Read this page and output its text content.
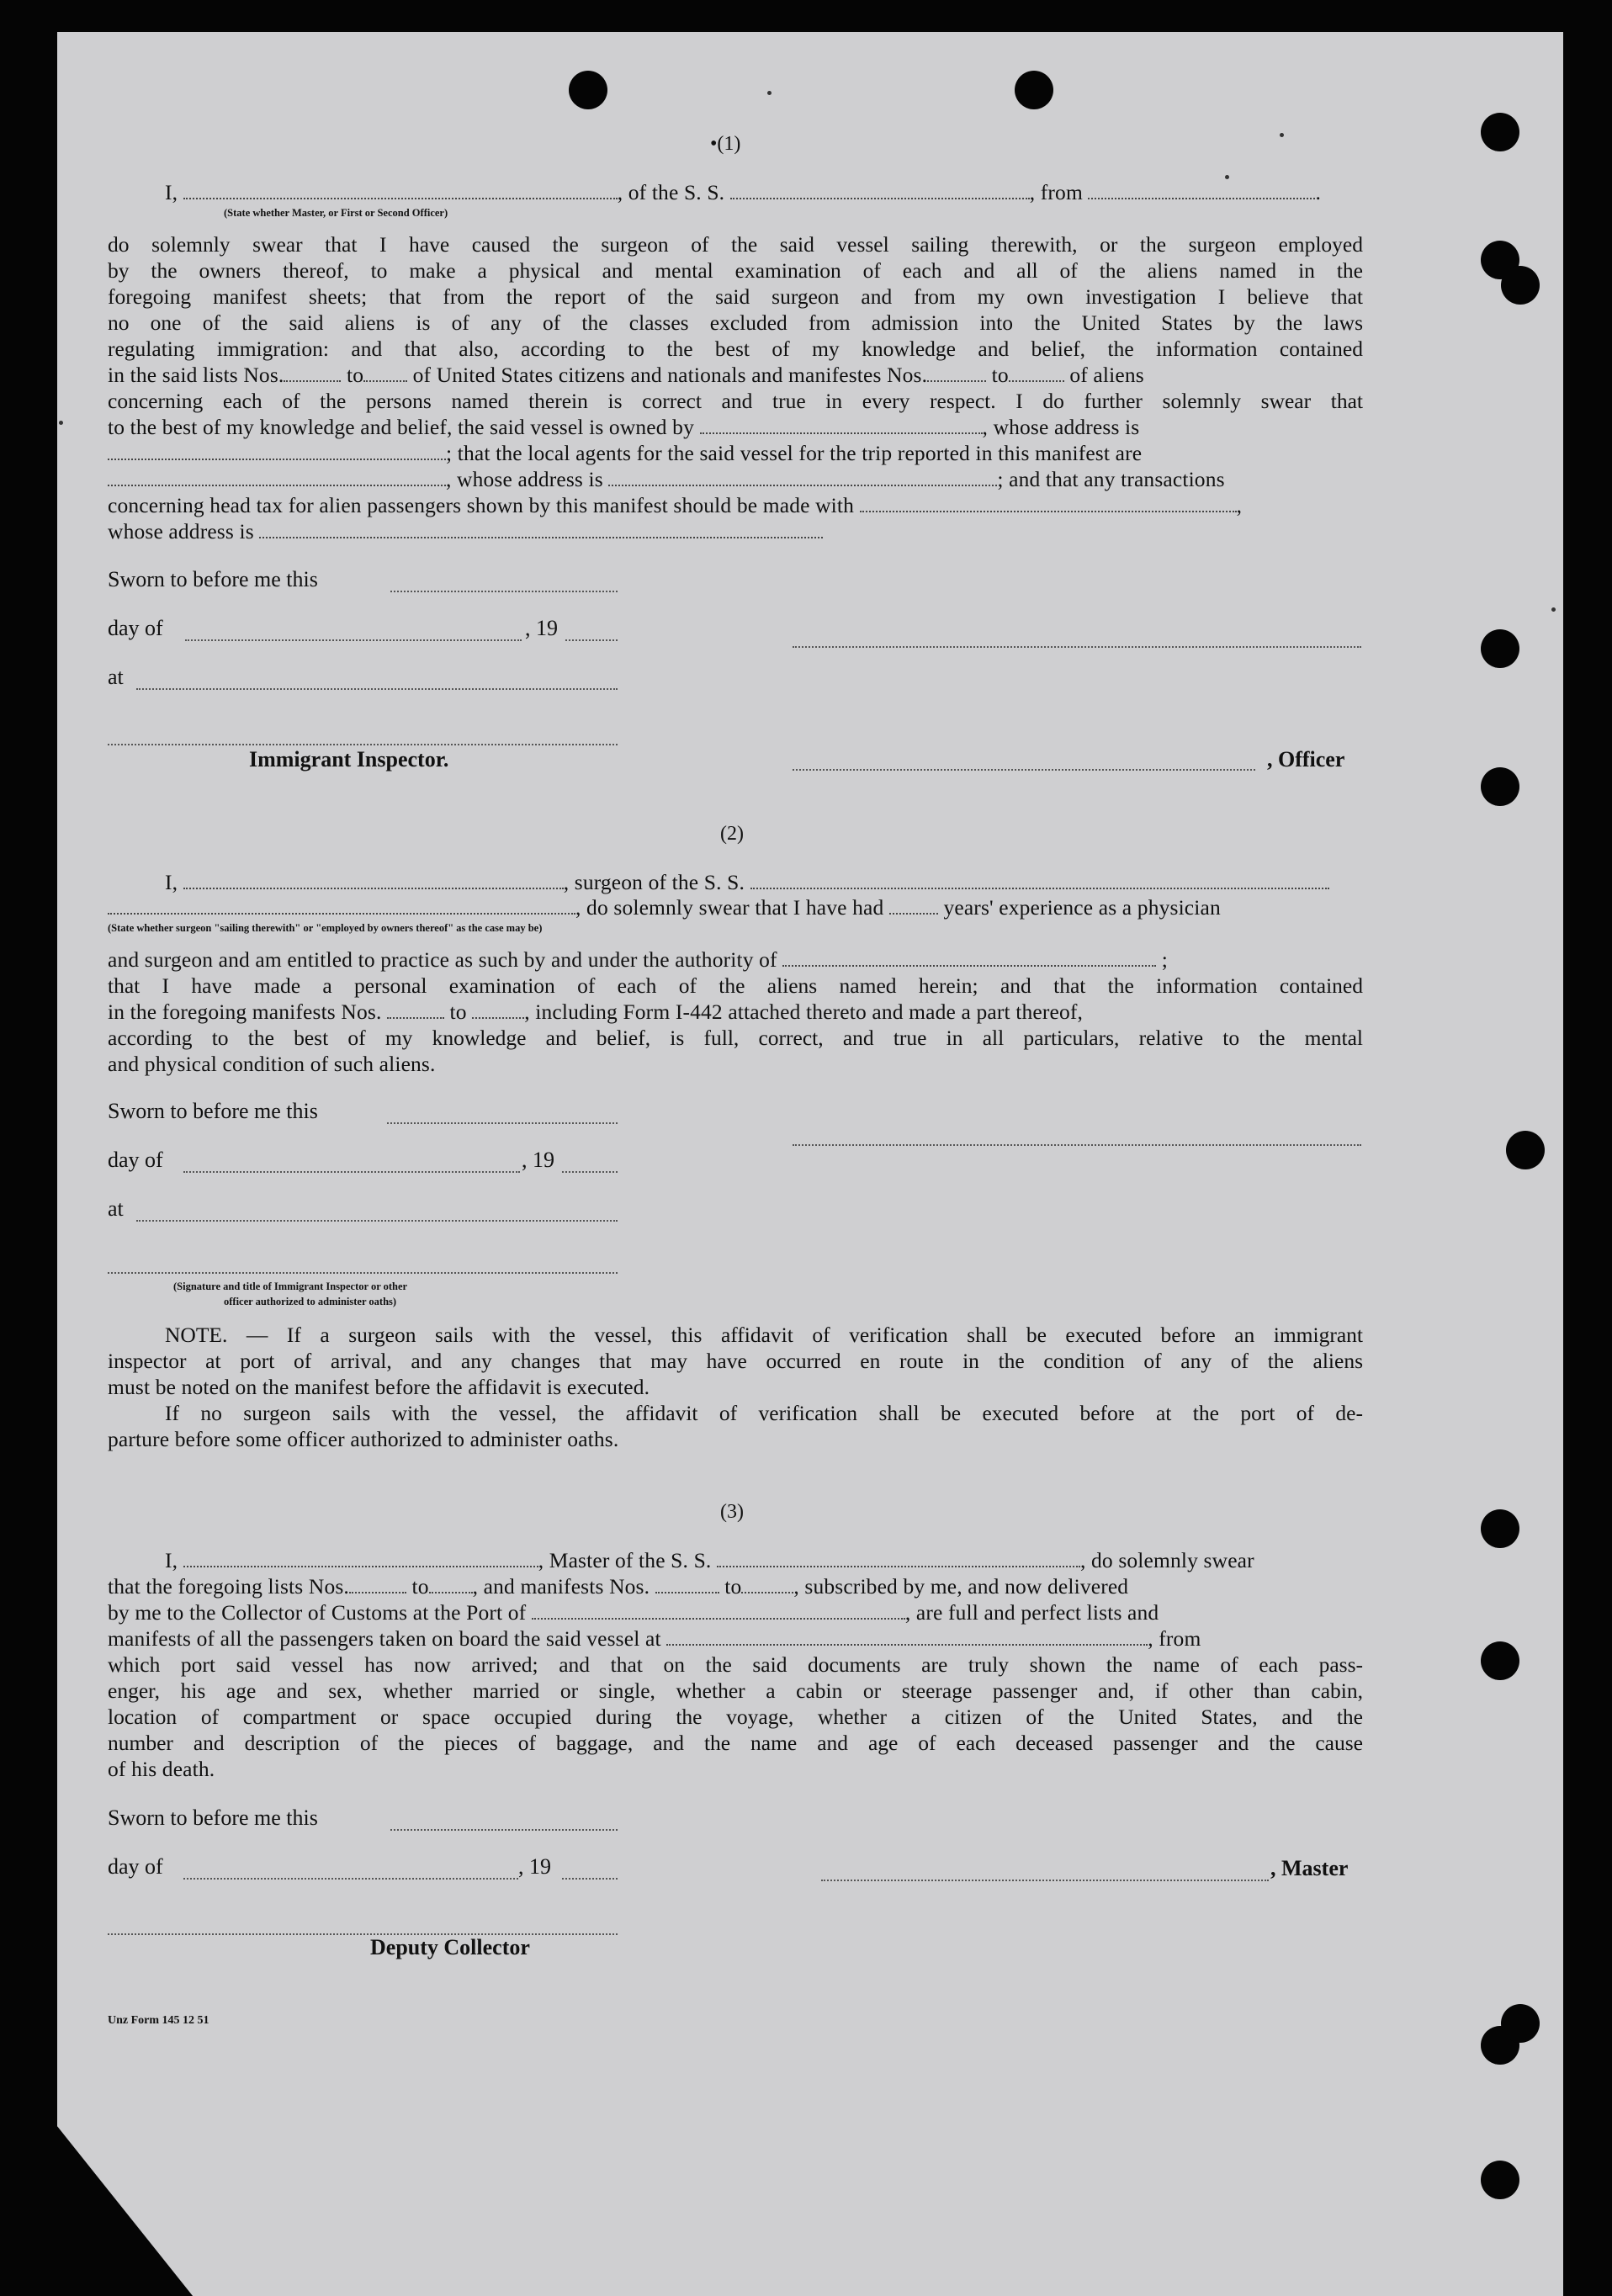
•(1)
I,	, of the S. S.	, from	.
(State whether Master, or First or Second Officer)
do solemnly swear that I have caused the surgeon of the said vessel sailing therewith, or the surgeon employed
by the owners thereof, to make a physical and mental examination of each and all of the aliens named in the
foregoing manifest sheets; that from the report of the said surgeon and from my own investigation I believe that
no one of the said aliens is of any of the classes excluded from admission into the United States by the laws
regulating immigration: and that also, according to the best of my knowledge and belief, the information contained
in the said lists Nos.	to of United States citizens and nationals and manifestes Nos.	to	of aliens
concerning each of the persons named therein is correct and true in every respect. I do further solemnly swear that
to the best of my knowledge and belief, the said vessel is owned by	, whose address is
; that the local agents for the said vessel for the trip reported in this manifest are
, whose address is	; and that any transactions
concerning head tax for alien passengers shown by this manifest should be made with	,
whose address is
Sworn to before me this
day of	, 19
at
Immigrant Inspector.	, Officer
(2)
I,	, surgeon of the S. S.
, do solemnly swear that I have had	years' experience as a physician
(State whether surgeon "sailing therewith" or "employed by owners thereof" as the case may be)
and surgeon and am entitled to practice as such by and under the authority of	;
that I have made a personal examination of each of the aliens named herein; and that the information contained
in the foregoing manifests Nos.	to	, including Form I-442 attached thereto and made a part thereof,
according to the best of my knowledge and belief, is full, correct, and true in all particulars, relative to the mental
and physical condition of such aliens.
Sworn to before me this
day of	, 19
at
(Signature and title of Immigrant Inspector or other
officer authorized to administer oaths)
NOTE. — If a surgeon sails with the vessel, this affidavit of verification shall be executed before an immigrant
inspector at port of arrival, and any changes that may have occurred en route in the condition of any of the aliens
must be noted on the manifest before the affidavit is executed.
If no surgeon sails with the vessel, the affidavit of verification shall be executed before at the port of de-
parture before some officer authorized to administer oaths.
(3)
I,	, Master of the S. S.	, do solemnly swear
that the foregoing lists Nos.	to , and manifests Nos.	to , subscribed by me, and now delivered
by me to the Collector of Customs at the Port of	, are full and perfect lists and
manifests of all the passengers taken on board the said vessel at	, from
which port said vessel has now arrived; and that on the said documents are truly shown the name of each pass-
enger, his age and sex, whether married or single, whether a cabin or steerage passenger and, if other than cabin,
location of compartment or space occupied during the voyage, whether a citizen of the United States, and the
number and description of the pieces of baggage, and the name and age of each deceased passenger and the cause
of his death.
Sworn to before me this
day of	, 19	, Master
Deputy Collector
Unz Form 145 12 51
